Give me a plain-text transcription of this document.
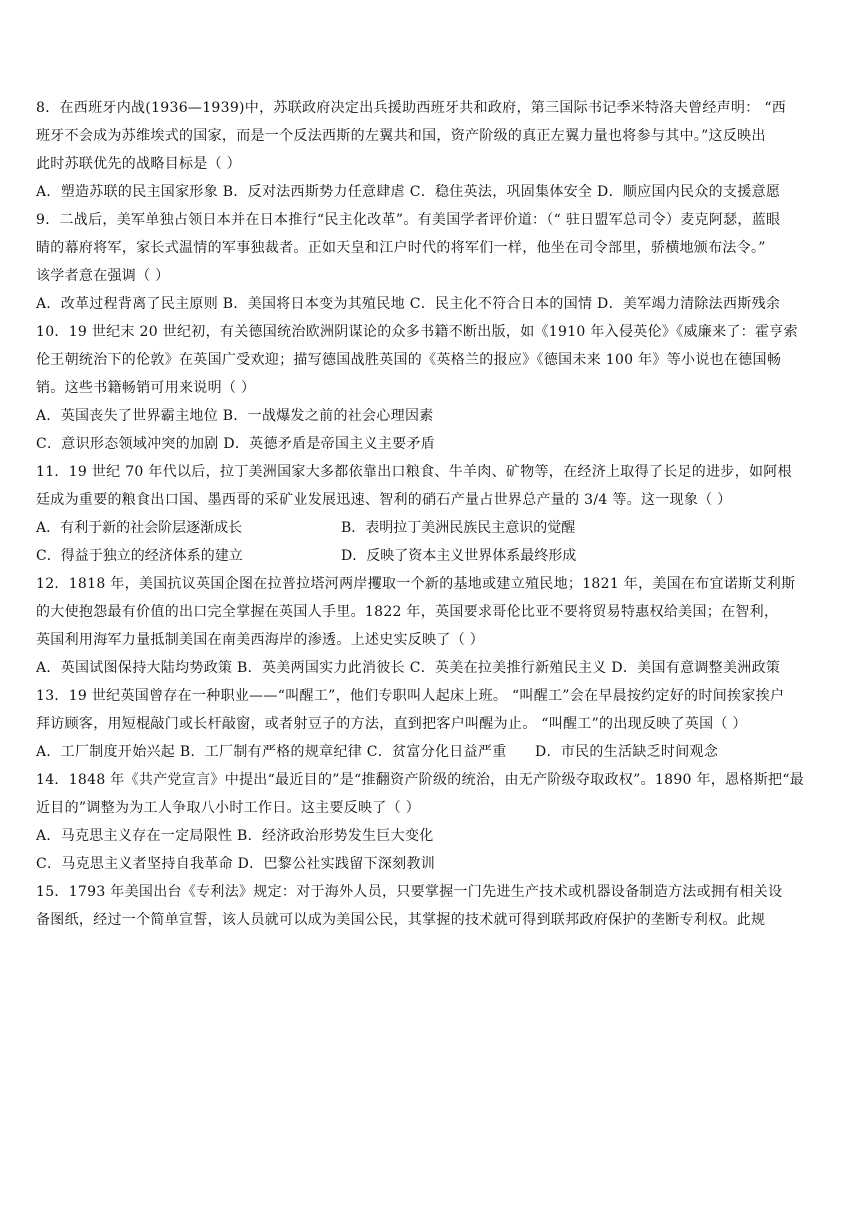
8．在西班牙内战(1936—1939)中，苏联政府决定出兵援助西班牙共和政府，第三国际书记季米特洛夫曾经声明： “西

班牙不会成为苏维埃式的国家，而是一个反法西斯的左翼共和国，资产阶级的真正左翼力量也将参与其中。”这反映出

此时苏联优先的战略目标是（ ）

A．塑造苏联的民主国家形象 B．反对法西斯势力任意肆虐 C．稳住英法，巩固集体安全 D．顺应国内民众的支援意愿

9．二战后，美军单独占领日本并在日本推行“民主化改革”。有美国学者评价道：（“ 驻日盟军总司令）麦克阿瑟，蓝眼

睛的幕府将军，家长式温情的军事独裁者。正如天皇和江户时代的将军们一样，他坐在司令部里，骄横地颁布法令。”

该学者意在强调（ ）

A．改革过程背离了民主原则 B．美国将日本变为其殖民地 C．民主化不符合日本的国情 D．美军竭力清除法西斯残余

10．19 世纪末 20 世纪初，有关德国统治欧洲阴谋论的众多书籍不断出版，如《1910 年入侵英伦》《威廉来了：霍亨索

伦王朝统治下的伦敦》在英国广受欢迎；描写德国战胜英国的《英格兰的报应》《德国未来 100 年》等小说也在德国畅

销。这些书籍畅销可用来说明（ ）

A．英国丧失了世界霸主地位 B．一战爆发之前的社会心理因素

C．意识形态领域冲突的加剧 D．英德矛盾是帝国主义主要矛盾

11．19 世纪 70 年代以后，拉丁美洲国家大多都依靠出口粮食、牛羊肉、矿物等，在经济上取得了长足的进步，如阿根

廷成为重要的粮食出口国、墨西哥的采矿业发展迅速、智利的硝石产量占世界总产量的 3/4 等。这一现象（ ）

A．有利于新的社会阶层逐渐成长	B．表明拉丁美洲民族民主意识的觉醒
C．得益于独立的经济体系的建立	D．反映了资本主义世界体系最终形成

12．1818 年，美国抗议英国企图在拉普拉塔河两岸攫取一个新的基地或建立殖民地；1821 年，美国在布宜诺斯艾利斯

的大使抱怨最有价值的出口完全掌握在英国人手里。1822 年，英国要求哥伦比亚不要将贸易特惠权给美国；在智利，

英国利用海军力量抵制美国在南美西海岸的渗透。上述史实反映了（ ）

A．英国试图保持大陆均势政策 B．英美两国实力此消彼长 C．英美在拉美推行新殖民主义 D．美国有意调整美洲政策

13．19 世纪英国曾存在一种职业——“叫醒工”，他们专职叫人起床上班。 “叫醒工”会在早晨按约定好的时间挨家挨户

拜访顾客，用短棍敲门或长杆敲窗，或者射豆子的方法，直到把客户叫醒为止。 “叫醒工”的出现反映了英国（ ）

A．工厂制度开始兴起 B．工厂制有严格的规章纪律 C．贫富分化日益严重      D．市民的生活缺乏时间观念

14．1848 年《共产党宣言》中提出“最近目的”是“推翻资产阶级的统治，由无产阶级夺取政权”。1890 年，恩格斯把“最

近目的”调整为为工人争取八小时工作日。这主要反映了（ ）

A．马克思主义存在一定局限性 B．经济政治形势发生巨大变化

C．马克思主义者坚持自我革命 D．巴黎公社实践留下深刻教训

15．1793 年美国出台《专利法》规定：对于海外人员，只要掌握一门先进生产技术或机器设备制造方法或拥有相关设

备图纸，经过一个简单宣誓，该人员就可以成为美国公民，其掌握的技术就可得到联邦政府保护的垄断专利权。此规
